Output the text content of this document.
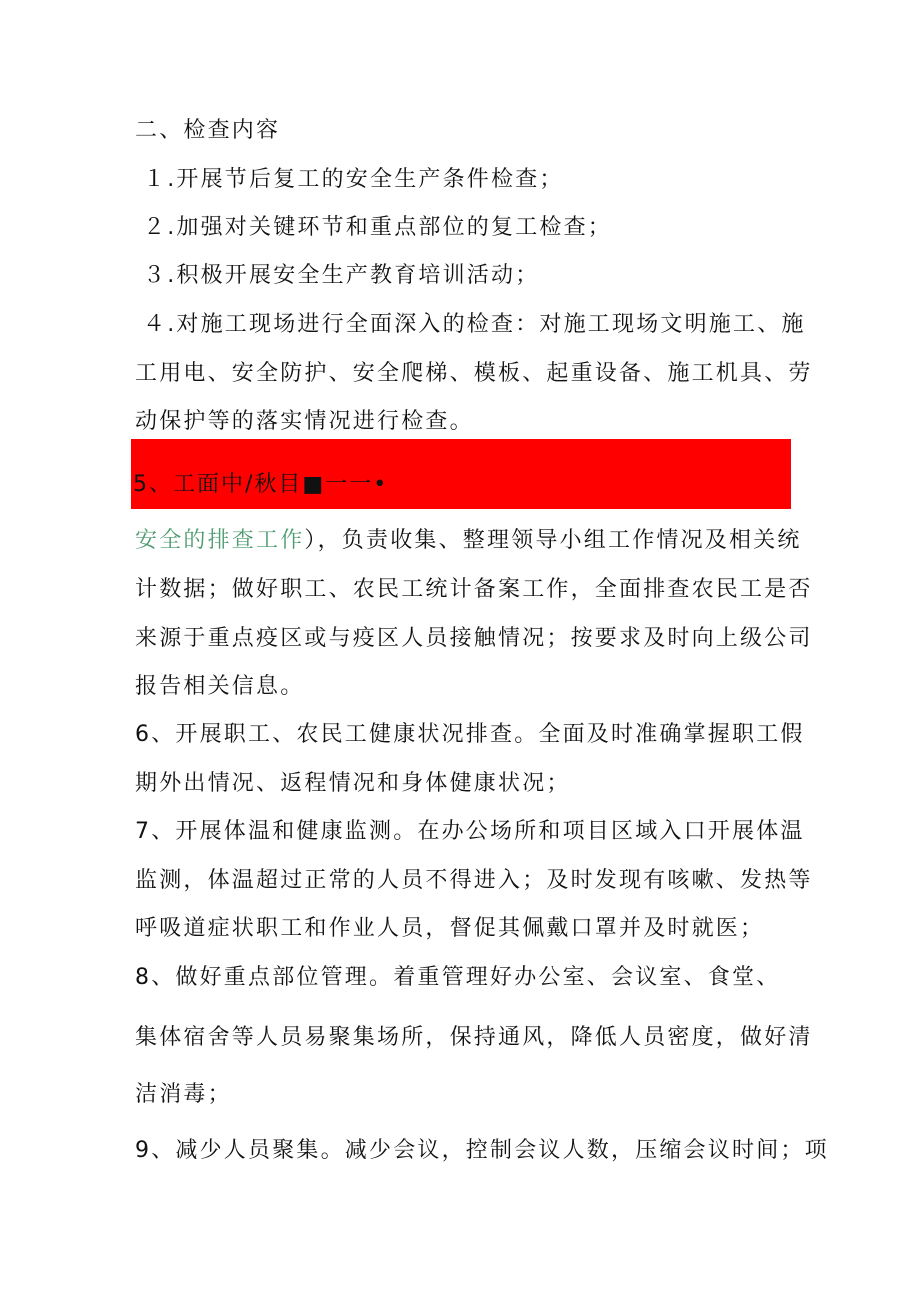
二、检查内容
１.开展节后复工的安全生产条件检查；
２.加强对关键环节和重点部位的复工检查；
３.积极开展安全生产教育培训活动；
４.对施工现场进行全面深入的检查：对施工现场文明施工、施
工用电、安全防护、安全爬梯、模板、起重设备、施工机具、劳
动保护等的落实情况进行检查。
5、工面中/秋目■一一•
安全的排查工作），负责收集、整理领导小组工作情况及相关统
计数据；做好职工、农民工统计备案工作，全面排查农民工是否
来源于重点疫区或与疫区人员接触情况；按要求及时向上级公司
报告相关信息。
6、开展职工、农民工健康状况排查。全面及时准确掌握职工假
期外出情况、返程情况和身体健康状况；
7、开展体温和健康监测。在办公场所和项目区域入口开展体温
监测，体温超过正常的人员不得进入；及时发现有咳嗽、发热等
呼吸道症状职工和作业人员，督促其佩戴口罩并及时就医；
8、做好重点部位管理。着重管理好办公室、会议室、食堂、
集体宿舍等人员易聚集场所，保持通风，降低人员密度，做好清
洁消毒；
9、减少人员聚集。减少会议，控制会议人数，压缩会议时间；项
